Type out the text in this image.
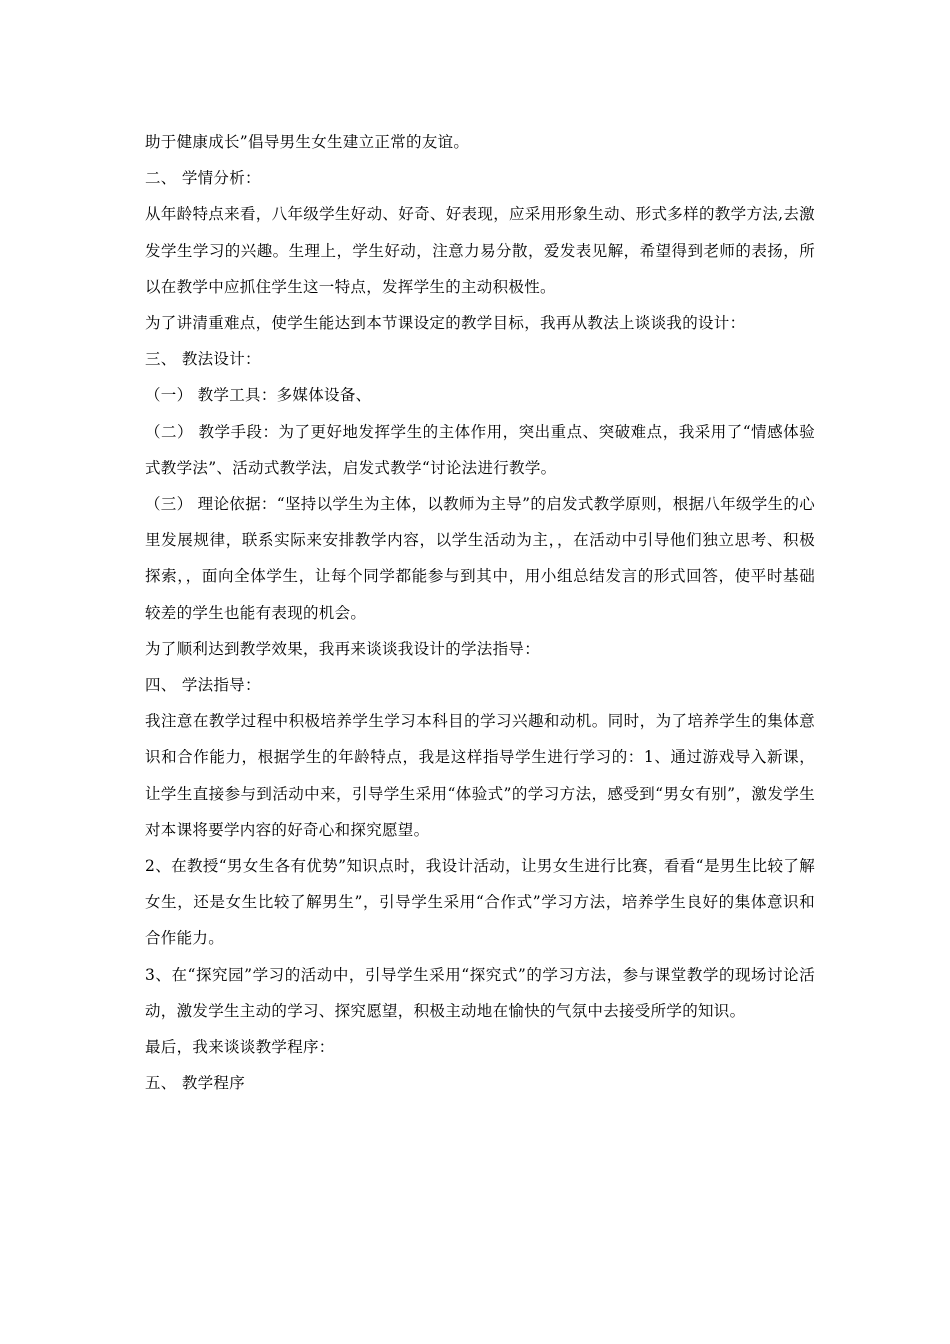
助于健康成长”倡导男生女生建立正常的友谊。

二、 学情分析：

从年龄特点来看，八年级学生好动、好奇、好表现，应采用形象生动、形式多样的教学方法,去激发学生学习的兴趣。生理上，学生好动，注意力易分散，爱发表见解，希望得到老师的表扬，所以在教学中应抓住学生这一特点，发挥学生的主动积极性。

为了讲清重难点，使学生能达到本节课设定的教学目标，我再从教法上谈谈我的设计：

三、 教法设计：

（一） 教学工具：多媒体设备、

（二） 教学手段：为了更好地发挥学生的主体作用，突出重点、突破难点，我采用了“情感体验式教学法”、活动式教学法，启发式教学“讨论法进行教学。

（三） 理论依据：“坚持以学生为主体，以教师为主导”的启发式教学原则，根据八年级学生的心里发展规律，联系实际来安排教学内容，以学生活动为主，，在活动中引导他们独立思考、积极探索，，面向全体学生，让每个同学都能参与到其中，用小组总结发言的形式回答，使平时基础较差的学生也能有表现的机会。

为了顺利达到教学效果，我再来谈谈我设计的学法指导：

四、 学法指导：

我注意在教学过程中积极培养学生学习本科目的学习兴趣和动机。同时，为了培养学生的集体意识和合作能力，根据学生的年龄特点，我是这样指导学生进行学习的：1、通过游戏导入新课，让学生直接参与到活动中来，引导学生采用“体验式”的学习方法，感受到“男女有别”，激发学生对本课将要学内容的好奇心和探究愿望。

2、在教授“男女生各有优势”知识点时，我设计活动，让男女生进行比赛，看看“是男生比较了解女生，还是女生比较了解男生”，引导学生采用“合作式”学习方法，培养学生良好的集体意识和合作能力。

3、在“探究园”学习的活动中，引导学生采用“探究式”的学习方法，参与课堂教学的现场讨论活动，激发学生主动的学习、探究愿望，积极主动地在愉快的气氛中去接受所学的知识。

最后，我来谈谈教学程序：

五、 教学程序
